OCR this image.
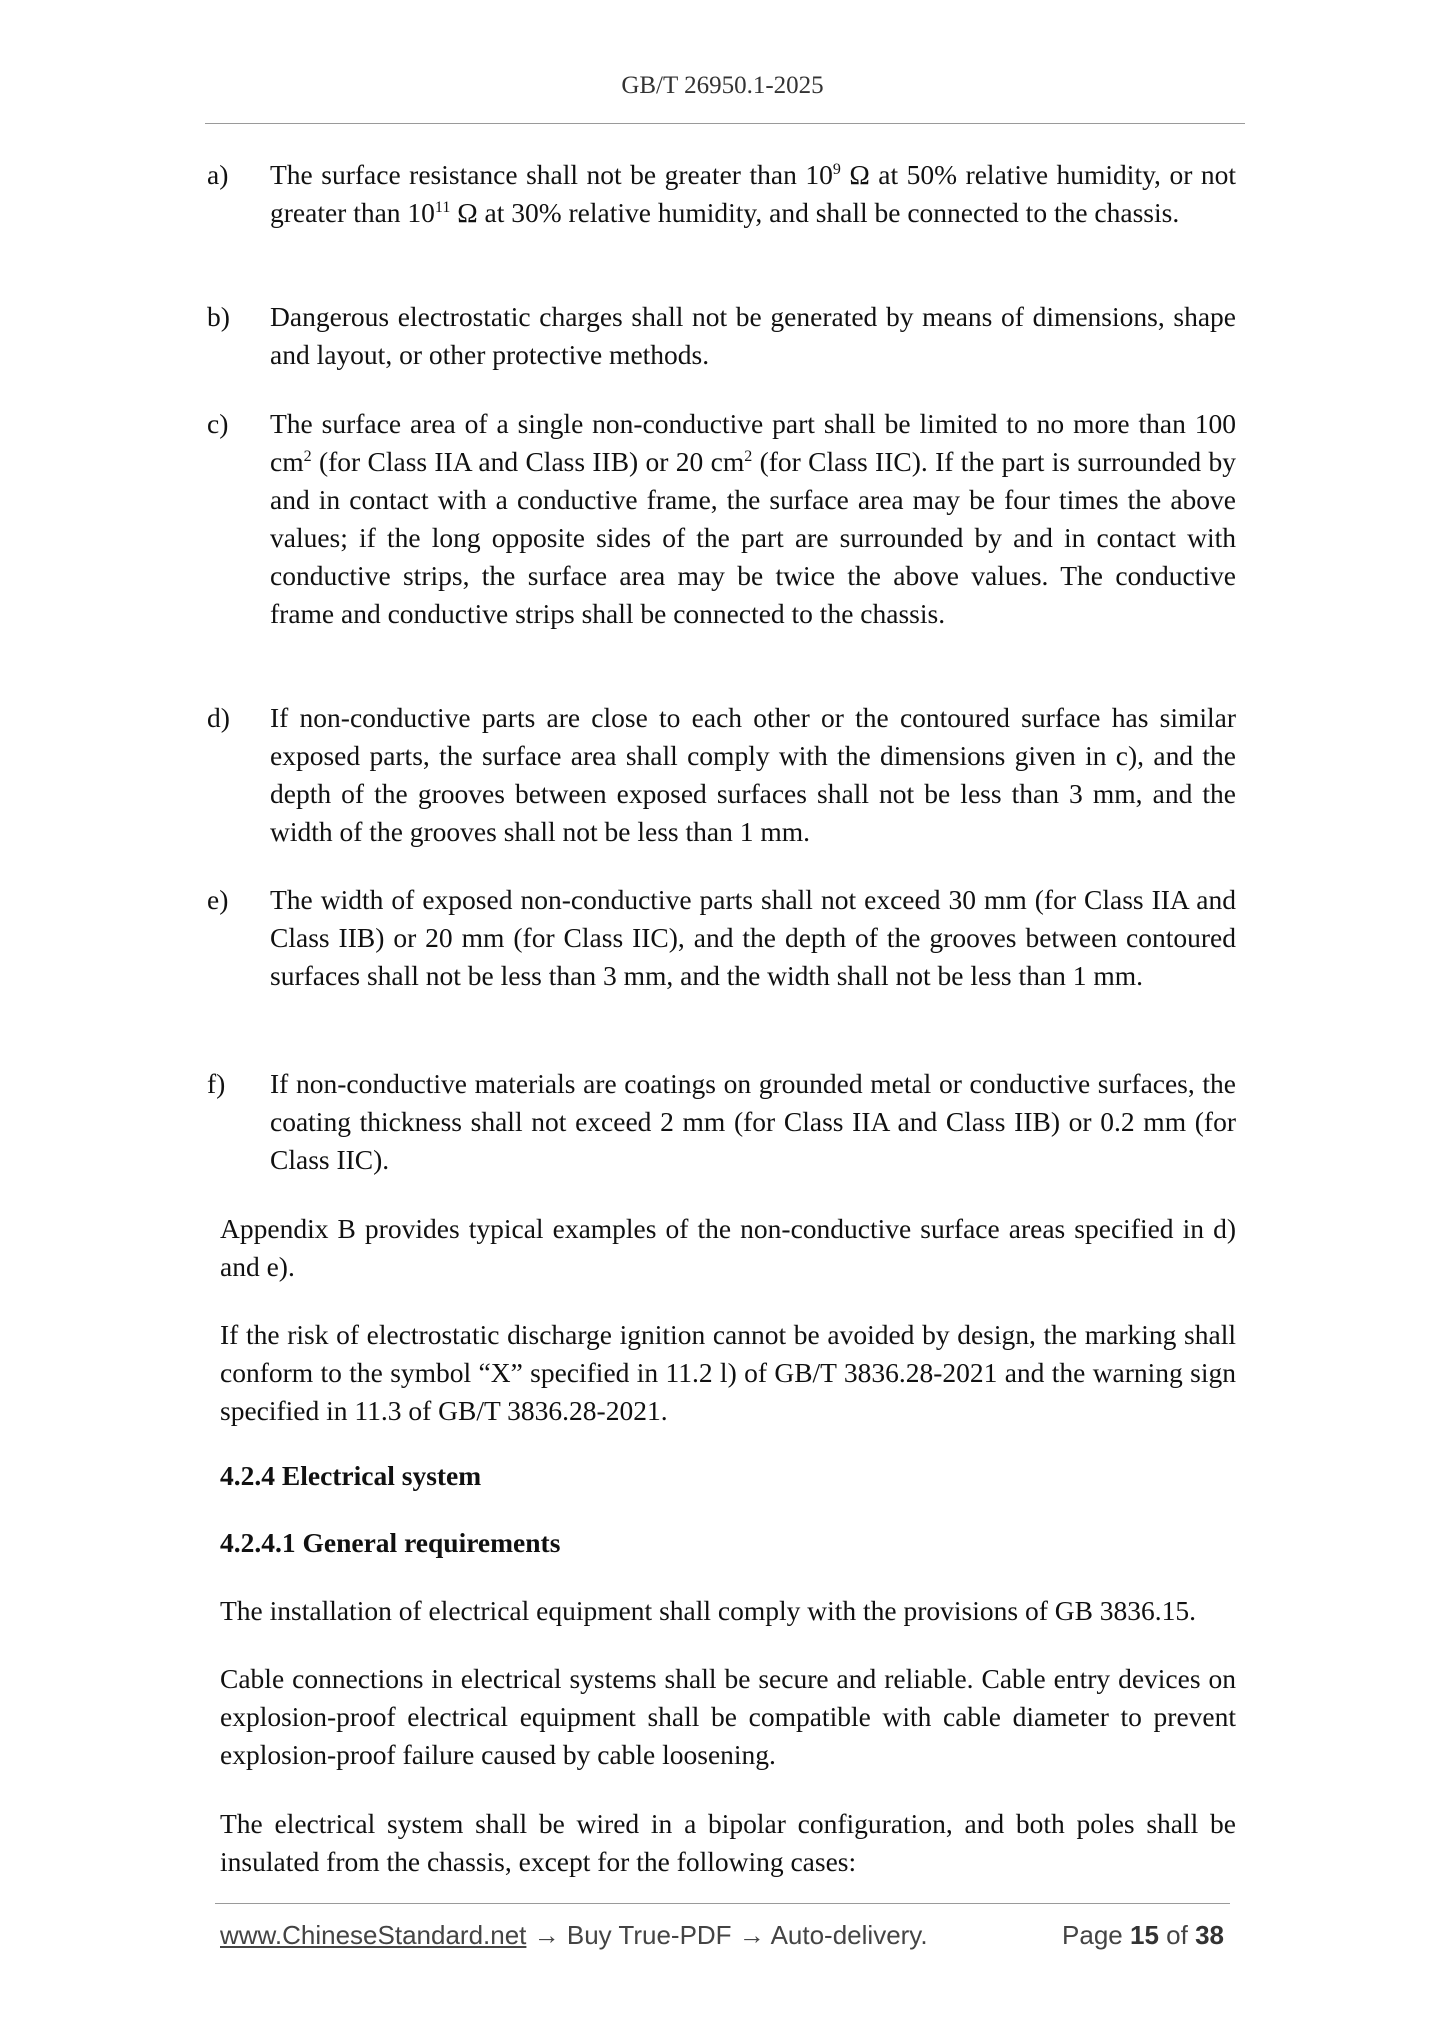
GB/T 26950.1-2025
a) The surface resistance shall not be greater than $10^9$ Ω at 50% relative humidity, or not greater than $10^{11}$ Ω at 30% relative humidity, and shall be connected to the chassis.
b) Dangerous electrostatic charges shall not be generated by means of dimensions, shape and layout, or other protective methods.
c) The surface area of a single non-conductive part shall be limited to no more than 100 $cm^2$ (for Class IIA and Class IIB) or 20 $cm^2$ (for Class IIC). If the part is surrounded by and in contact with a conductive frame, the surface area may be four times the above values; if the long opposite sides of the part are surrounded by and in contact with conductive strips, the surface area may be twice the above values. The conductive frame and conductive strips shall be connected to the chassis.
d) If non-conductive parts are close to each other or the contoured surface has similar exposed parts, the surface area shall comply with the dimensions given in c), and the depth of the grooves between exposed surfaces shall not be less than 3 mm, and the width of the grooves shall not be less than 1 mm.
e) The width of exposed non-conductive parts shall not exceed 30 mm (for Class IIA and Class IIB) or 20 mm (for Class IIC), and the depth of the grooves between contoured surfaces shall not be less than 3 mm, and the width shall not be less than 1 mm.
f) If non-conductive materials are coatings on grounded metal or conductive surfaces, the coating thickness shall not exceed 2 mm (for Class IIA and Class IIB) or 0.2 mm (for Class IIC).
Appendix B provides typical examples of the non-conductive surface areas specified in d) and e).
If the risk of electrostatic discharge ignition cannot be avoided by design, the marking shall conform to the symbol “X” specified in 11.2 l) of GB/T 3836.28-2021 and the warning sign specified in 11.3 of GB/T 3836.28-2021.
4.2.4 Electrical system
4.2.4.1 General requirements
The installation of electrical equipment shall comply with the provisions of GB 3836.15.
Cable connections in electrical systems shall be secure and reliable. Cable entry devices on explosion-proof electrical equipment shall be compatible with cable diameter to prevent explosion-proof failure caused by cable loosening.
The electrical system shall be wired in a bipolar configuration, and both poles shall be insulated from the chassis, except for the following cases:
www.ChineseStandard.net → Buy True-PDF → Auto-delivery.	Page 15 of 38
